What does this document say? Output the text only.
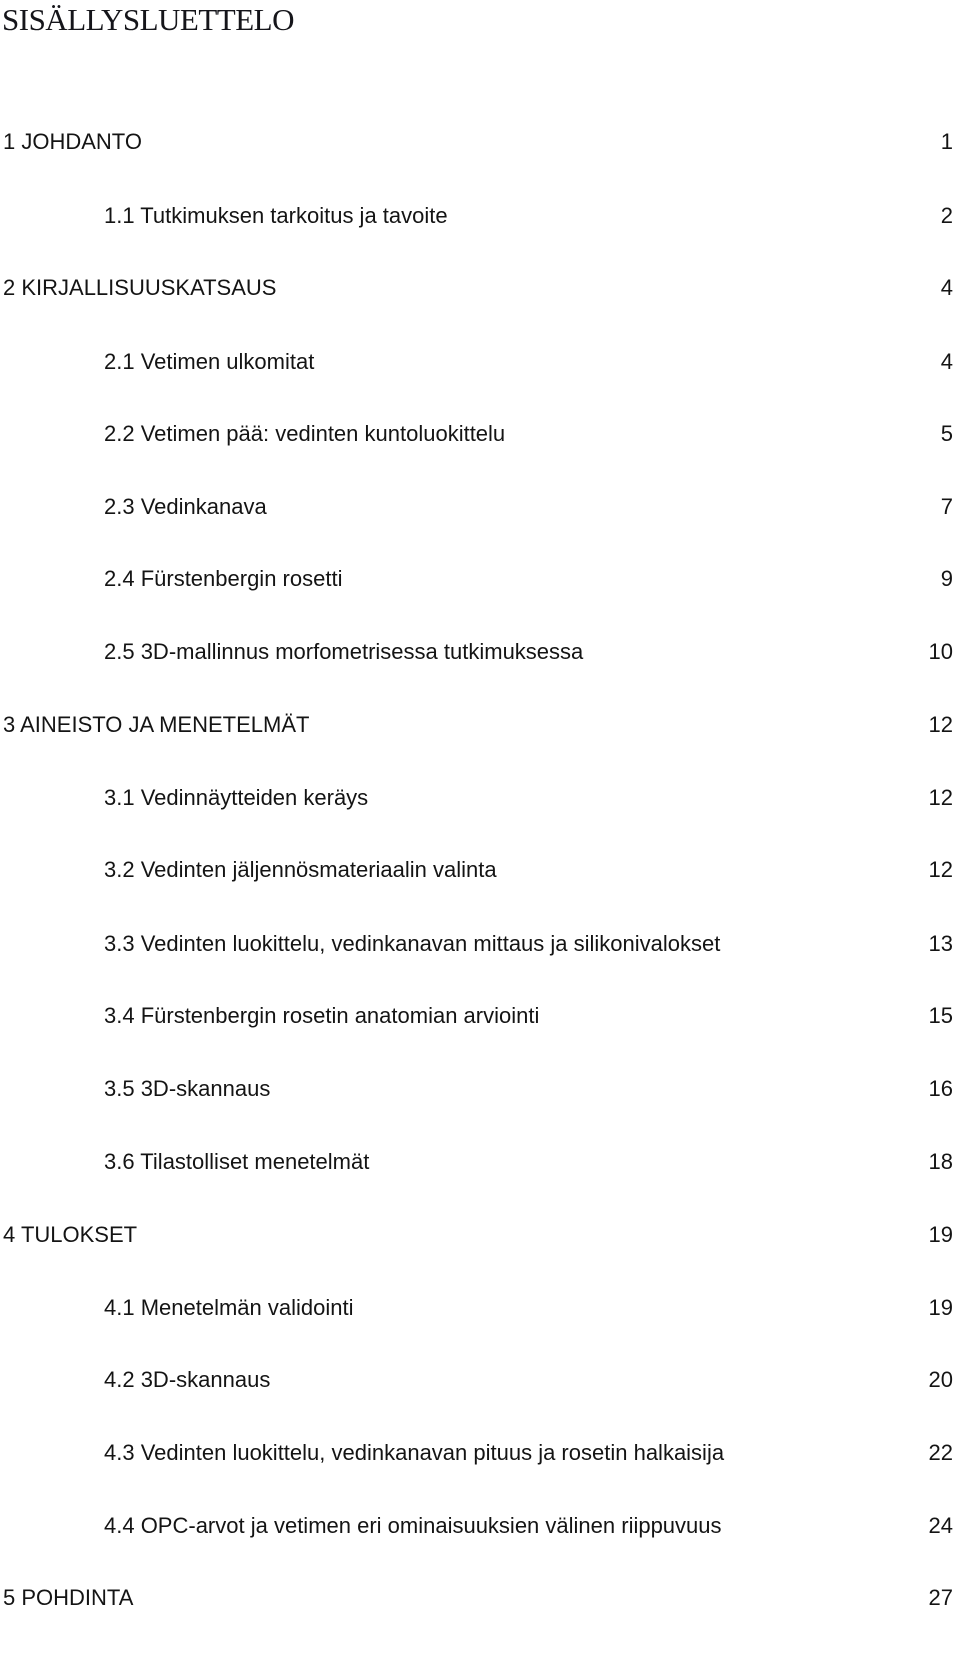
SISÄLLYSLUETTELO
1 JOHDANTO	1
1.1 Tutkimuksen tarkoitus ja tavoite	2
2 KIRJALLISUUSKATSAUS	4
2.1 Vetimen ulkomitat	4
2.2 Vetimen pää: vedinten kuntoluokittelu	5
2.3 Vedinkanava	7
2.4 Fürstenbergin rosetti	9
2.5 3D-mallinnus morfometrisessa tutkimuksessa	10
3 AINEISTO JA MENETELMÄT	12
3.1 Vedinnäytteiden keräys	12
3.2 Vedinten jäljennösmateriaalin valinta	12
3.3 Vedinten luokittelu, vedinkanavan mittaus ja silikonivalokset	13
3.4 Fürstenbergin rosetin anatomian arviointi	15
3.5 3D-skannaus	16
3.6 Tilastolliset menetelmät	18
4 TULOKSET	19
4.1 Menetelmän validointi	19
4.2 3D-skannaus	20
4.3 Vedinten luokittelu, vedinkanavan pituus ja rosetin halkaisija	22
4.4 OPC-arvot ja vetimen eri ominaisuuksien välinen riippuvuus	24
5 POHDINTA	27
